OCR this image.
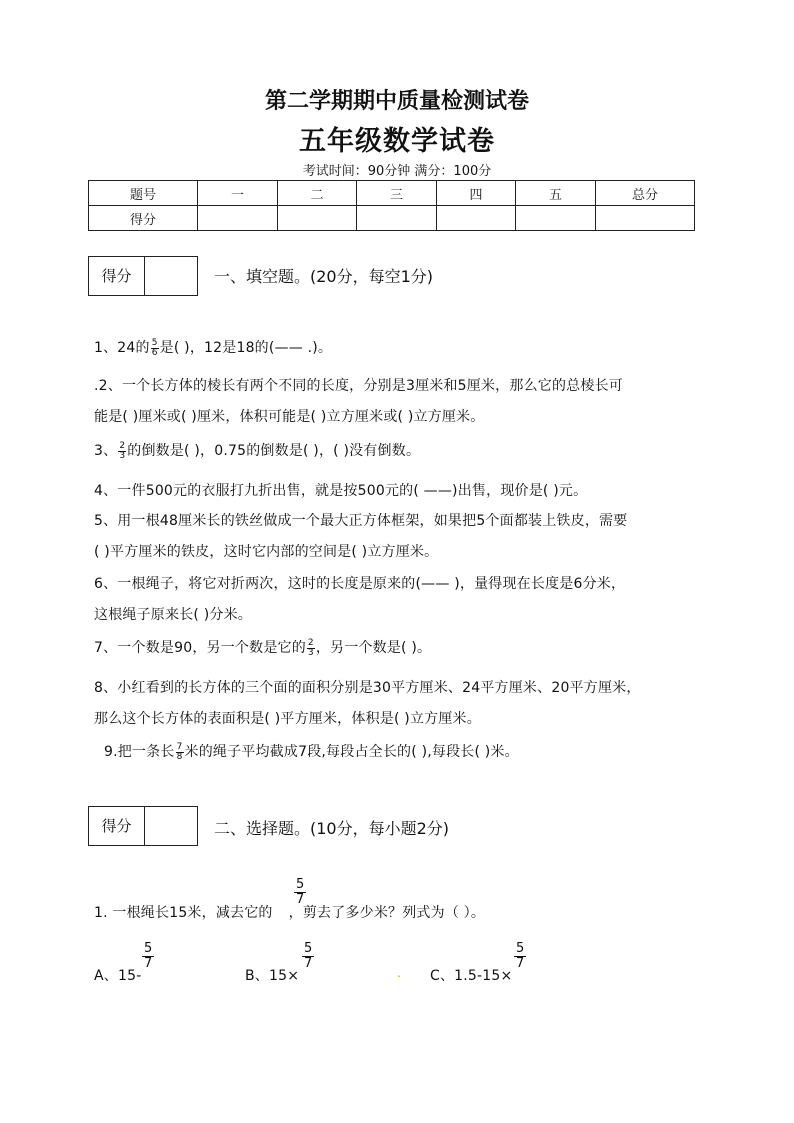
第二学期期中质量检测试卷
五年级数学试卷
考试时间：90分钟 满分：100分
题号	一	二	三	四	五	总分
得分						
得分	一、填空题。(20分，每空1分)
1、24的 $\frac{5}{6}$ 是( )，12是18的(—— .)。
.2、一个长方体的棱长有两个不同的长度，分别是3厘米和5厘米，那么它的总棱长可
能是( )厘米或( )厘米，体积可能是( )立方厘米或( )立方厘米。
3、 $\frac{2}{3}$ 的倒数是( )，0.75的倒数是( )，( )没有倒数。
4、一件500元的衣服打九折出售，就是按500元的( ——)出售，现价是( )元。
5、用一根48厘米长的铁丝做成一个最大正方体框架，如果把5个面都装上铁皮，需要
( )平方厘米的铁皮，这时它内部的空间是( )立方厘米。
6、一根绳子，将它对折两次，这时的长度是原来的(—— )，量得现在长度是6分米，
这根绳子原来长( )分米。
7、一个数是90，另一个数是它的 $\frac{2}{3}$ ，另一个数是( )。
8、小红看到的长方体的三个面的面积分别是30平方厘米、24平方厘米、20平方厘米，
那么这个长方体的表面积是( )平方厘米，体积是( )立方厘米。
9.把一条长 $\frac{7}{8}$ 米的绳子平均截成7段,每段占全长的( ),每段长( )米。
得分	二、选择题。(10分，每小题2分)
1. 一根绳长15米，减去它的 ，剪去了多少米？列式为（ ）。
5
7
A、15-
5
7
B、15×
5
7
. C、1.5-15×
5
7
